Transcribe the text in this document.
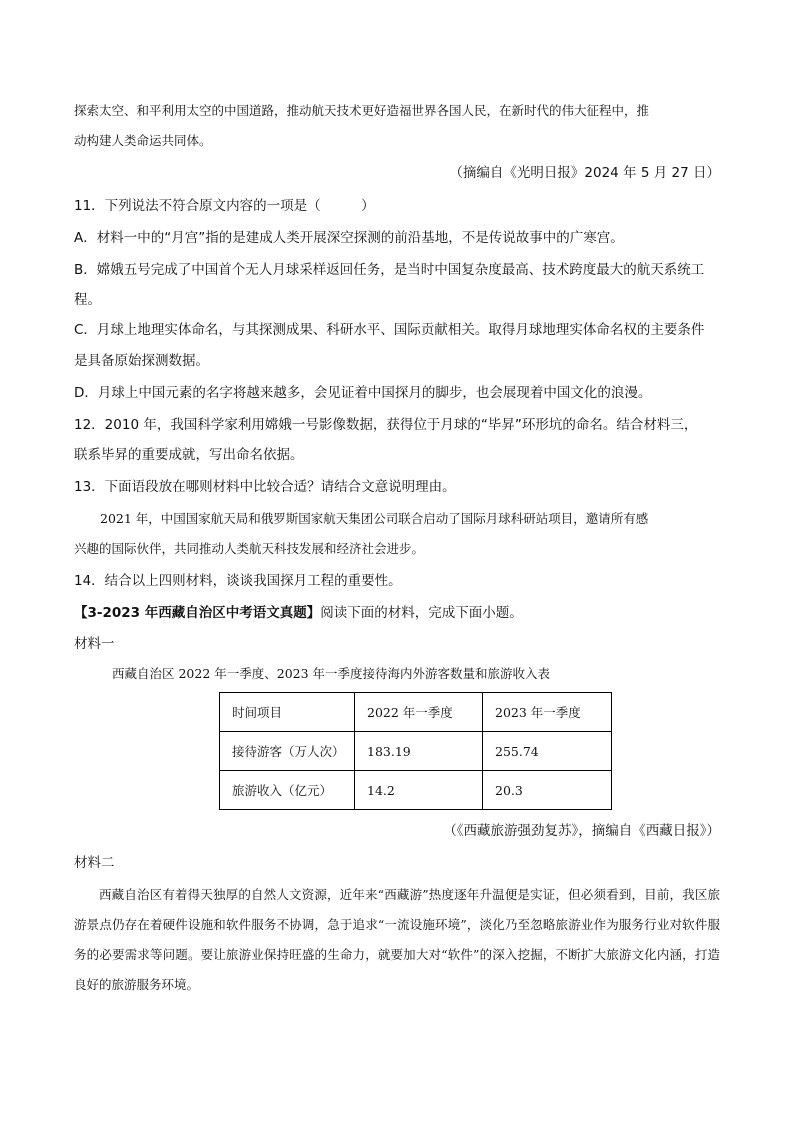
探索太空、和平利用太空的中国道路，推动航天技术更好造福世界各国人民，在新时代的伟大征程中，推
动构建人类命运共同体。
（摘编自《光明日报》2024 年 5 月 27 日）
11．下列说法不符合原文内容的一项是（　　　）
A．材料一中的“月宫”指的是建成人类开展深空探测的前沿基地，不是传说故事中的广寒宫。
B．嫦娥五号完成了中国首个无人月球采样返回任务，是当时中国复杂度最高、技术跨度最大的航天系统工
程。
C．月球上地理实体命名，与其探测成果、科研水平、国际贡献相关。取得月球地理实体命名权的主要条件
是具备原始探测数据。
D．月球上中国元素的名字将越来越多，会见证着中国探月的脚步，也会展现着中国文化的浪漫。
12．2010 年，我国科学家利用嫦娥一号影像数据，获得位于月球的“毕昇”环形坑的命名。结合材料三，
联系毕昇的重要成就，写出命名依据。
13．下面语段放在哪则材料中比较合适？请结合文意说明理由。
2021 年，中国国家航天局和俄罗斯国家航天集团公司联合启动了国际月球科研站项目，邀请所有感
兴趣的国际伙伴，共同推动人类航天科技发展和经济社会进步。
14．结合以上四则材料，谈谈我国探月工程的重要性。
【3-2023 年西藏自治区中考语文真题】阅读下面的材料，完成下面小题。
材料一
西藏自治区 2022 年一季度、2023 年一季度接待海内外游客数量和旅游收入表
时间项目	2022 年一季度	2023 年一季度
接待游客（万人次）	183.19	255.74
旅游收入（亿元）	14.2	20.3
（《西藏旅游强劲复苏》，摘编自《西藏日报》）
材料二

西藏自治区有着得天独厚的自然人文资源，近年来“西藏游”热度逐年升温便是实证，但必须看到，目前，我区旅游景点仍存在着硬件设施和软件服务不协调，急于追求“一流设施环境”，淡化乃至忽略旅游业作为服务行业对软件服务的必要需求等问题。要让旅游业保持旺盛的生命力，就要加大对“软件”的深入挖掘，不断扩大旅游文化内涵，打造良好的旅游服务环境。
